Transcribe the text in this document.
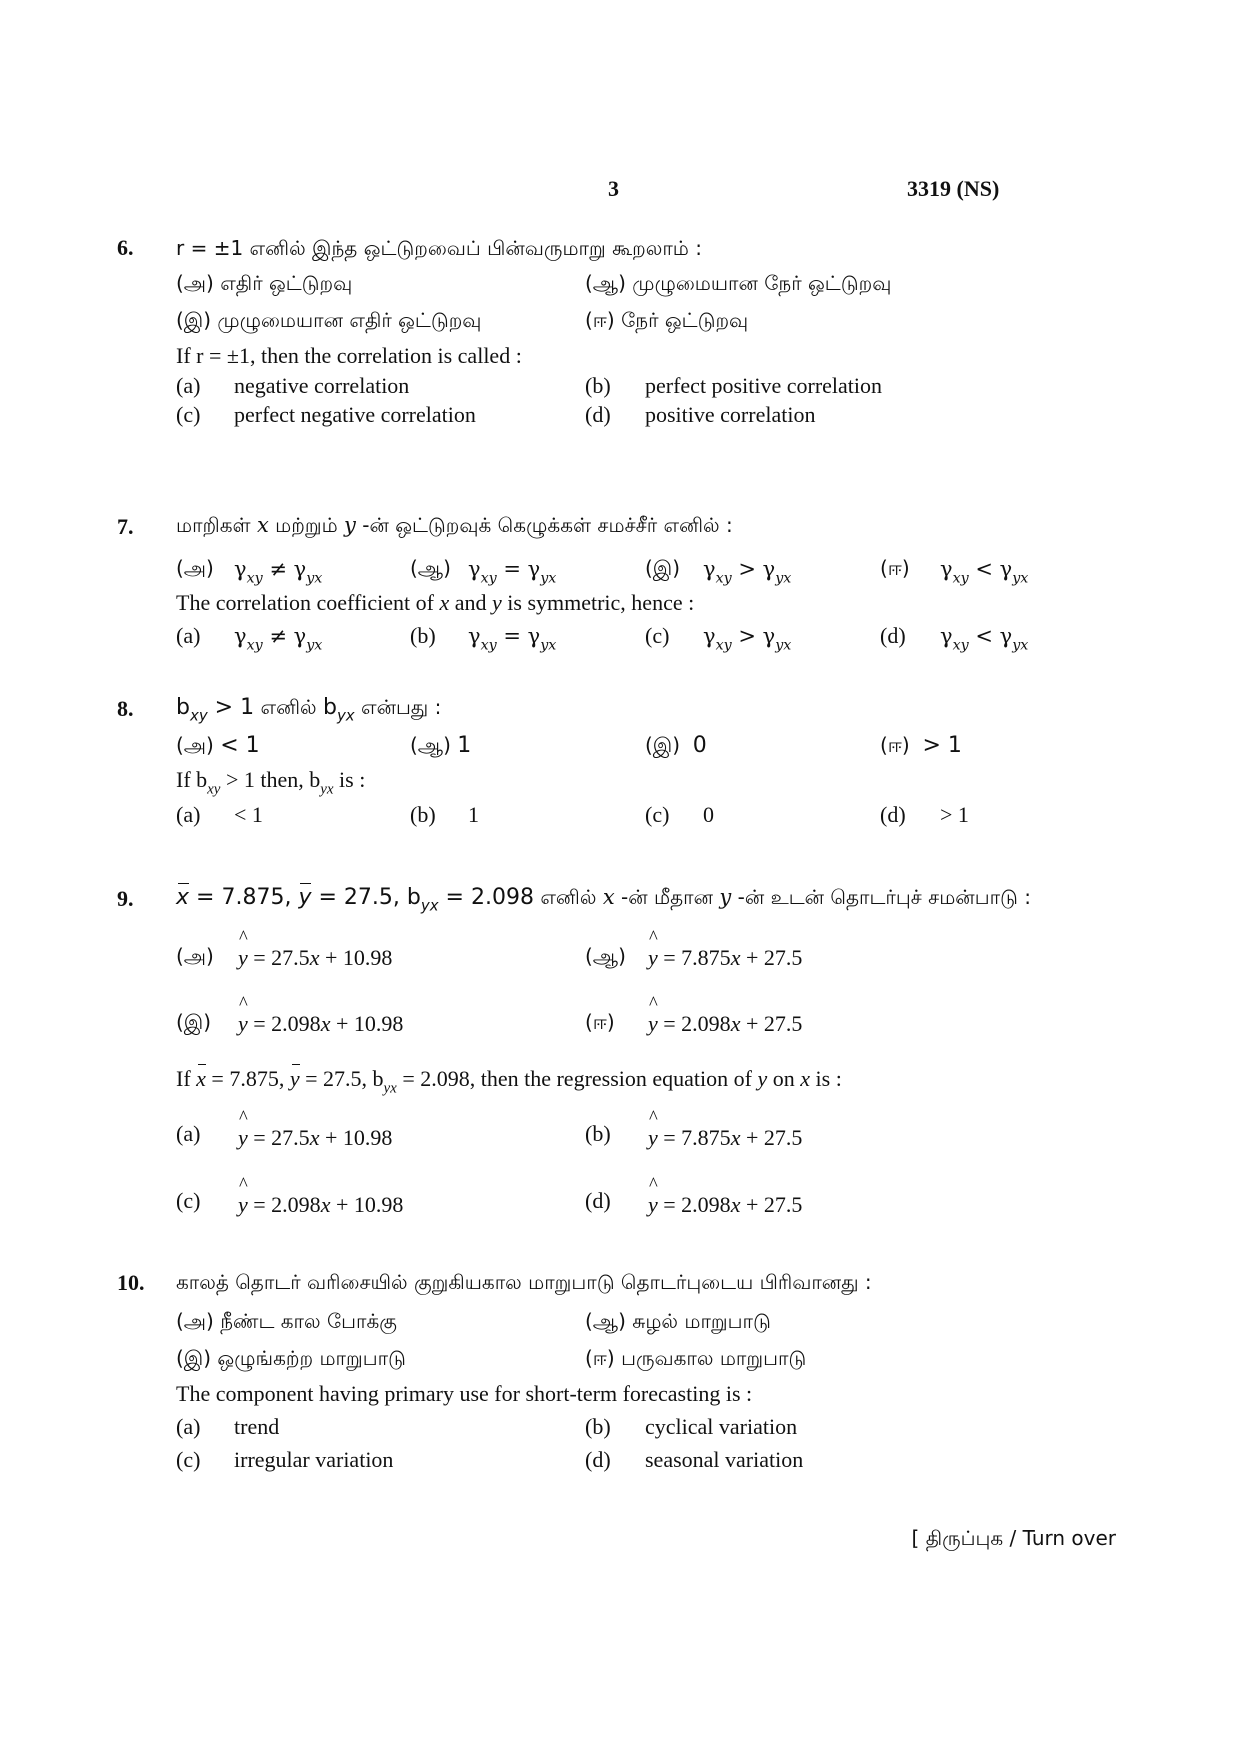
3	3319 (NS)
6. r = ±1 எனில் இந்த ஒட்டுறவைப் பின்வருமாறு கூறலாம் :
(அ) எதிர் ஒட்டுறவு	(ஆ) முழுமையான நேர் ஒட்டுறவு
(இ) முழுமையான எதிர் ஒட்டுறவு	(ஈ) நேர் ஒட்டுறவு
If r = ±1, then the correlation is called :
(a) negative correlation	(b) perfect positive correlation
(c) perfect negative correlation	(d) positive correlation
7. மாறிகள் x மற்றும் y -ன் ஒட்டுறவுக் கெழுக்கள் சமச்சீர் எனில் :
(அ) $\gamma_{xy} \ne \gamma_{yx}$	(ஆ) $\gamma_{xy} = \gamma_{yx}$	(இ) $\gamma_{xy} > \gamma_{yx}$	(ஈ) $\gamma_{xy} < \gamma_{yx}$
The correlation coefficient of x and y is symmetric, hence :
(a) $\gamma_{xy} \ne \gamma_{yx}$	(b) $\gamma_{xy} = \gamma_{yx}$	(c) $\gamma_{xy} > \gamma_{yx}$	(d) $\gamma_{xy} < \gamma_{yx}$
8. $b_{xy} > 1$ எனில் $b_{yx}$ என்பது :
(அ) < 1	(ஆ) 1	(இ) 0	(ஈ) > 1
If $b_{xy} > 1$ then, $b_{yx}$ is :
(a) < 1	(b) 1	(c) 0	(d) > 1
9. x = 7.875, y = 27.5, $b_{yx} = 2.098$ எனில் x -ன் மீதான y -ன் உடன் தொடர்புச் சமன்பாடு :
(அ) ^ y = 27.5x + 10.98	(ஆ) ^ y = 7.875x + 27.5
(இ) ^ y = 2.098x + 10.98	(ஈ) ^ y = 2.098x + 27.5
If x = 7.875, y = 27.5, $b_{yx} = 2.098$, then the regression equation of y on x is :
(a) ^ y = 27.5x + 10.98	(b) ^ y = 7.875x + 27.5
(c) ^ y = 2.098x + 10.98	(d) ^ y = 2.098x + 27.5
10. காலத் தொடர் வரிசையில் குறுகியகால மாறுபாடு தொடர்புடைய பிரிவானது :
(அ) நீண்ட கால போக்கு	(ஆ) சுழல் மாறுபாடு
(இ) ஒழுங்கற்ற மாறுபாடு	(ஈ) பருவகால மாறுபாடு
The component having primary use for short-term forecasting is :
(a) trend	(b) cyclical variation
(c) irregular variation	(d) seasonal variation
[ திருப்புக / Turn over
